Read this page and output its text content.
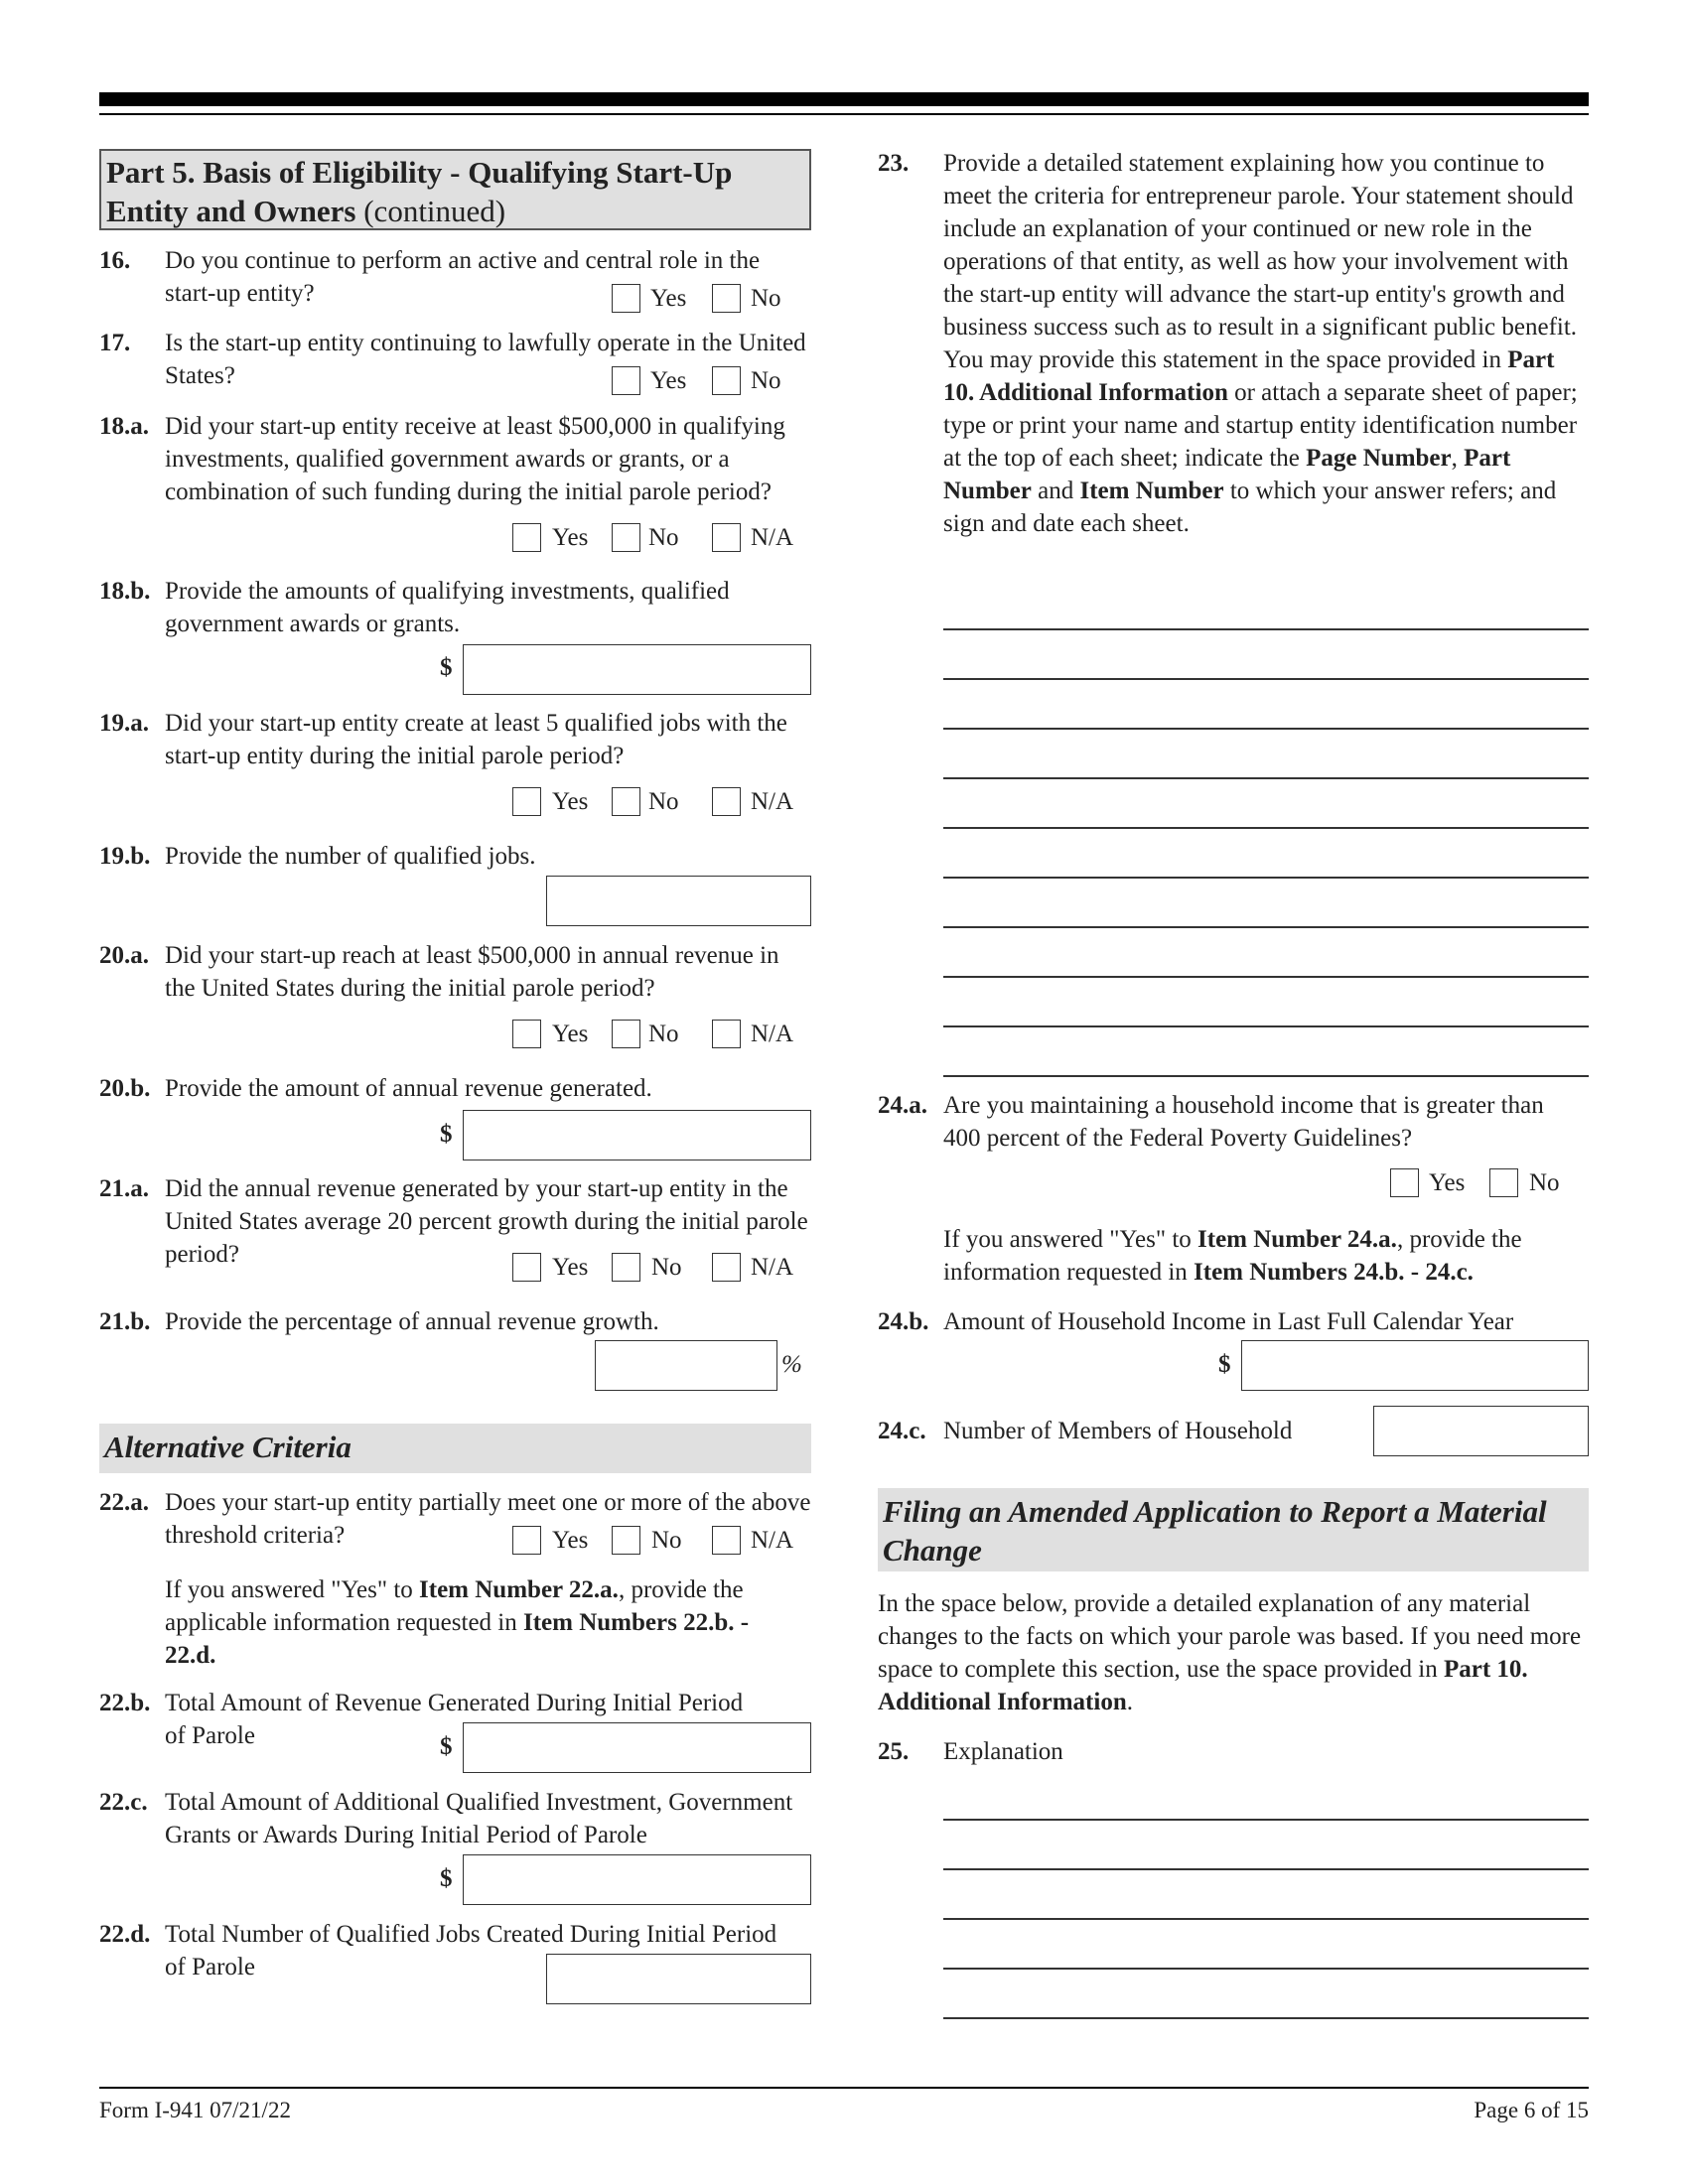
Part 5. Basis of Eligibility - Qualifying Start-Up Entity and Owners (continued)
16. Do you continue to perform an active and central role in the start-up entity?	Yes	No
17. Is the start-up entity continuing to lawfully operate in the United States?	Yes	No
18.a. Did your start-up entity receive at least $500,000 in qualifying investments, qualified government awards or grants, or a combination of such funding during the initial parole period?
Yes No	N/A
18.b. Provide the amounts of qualifying investments, qualified government awards or grants.
$
19.a. Did your start-up entity create at least 5 qualified jobs with the start-up entity during the initial parole period?
Yes No	N/A
19.b. Provide the number of qualified jobs.
20.a. Did your start-up reach at least $500,000 in annual revenue in the United States during the initial parole period?
Yes No	N/A
20.b. Provide the amount of annual revenue generated.
$
21.a. Did the annual revenue generated by your start-up entity in the United States average 20 percent growth during the initial parole period?	Yes	No	N/A
21.b. Provide the percentage of annual revenue growth.
%
Alternative Criteria
22.a. Does your start-up entity partially meet one or more of the above threshold criteria?	Yes	No	N/A
If you answered "Yes" to Item Number 22.a., provide the applicable information requested in Item Numbers 22.b. - 22.d.
22.b. Total Amount of Revenue Generated During Initial Period of Parole	$
22.c. Total Amount of Additional Qualified Investment, Government Grants or Awards During Initial Period of Parole
$
22.d. Total Number of Qualified Jobs Created During Initial Period of Parole
23. Provide a detailed statement explaining how you continue to meet the criteria for entrepreneur parole. Your statement should include an explanation of your continued or new role in the operations of that entity, as well as how your involvement with the start-up entity will advance the start-up entity's growth and business success such as to result in a significant public benefit. You may provide this statement in the space provided in Part 10. Additional Information or attach a separate sheet of paper; type or print your name and startup entity identification number at the top of each sheet; indicate the Page Number, Part Number and Item Number to which your answer refers; and sign and date each sheet.
24.a. Are you maintaining a household income that is greater than 400 percent of the Federal Poverty Guidelines?
Yes	No
If you answered "Yes" to Item Number 24.a., provide the information requested in Item Numbers 24.b. - 24.c.
24.b. Amount of Household Income in Last Full Calendar Year
$
24.c. Number of Members of Household
Filing an Amended Application to Report a Material Change
In the space below, provide a detailed explanation of any material changes to the facts on which your parole was based. If you need more space to complete this section, use the space provided in Part 10. Additional Information.
25. Explanation
Form I-941 07/21/22	Page 6 of 15
